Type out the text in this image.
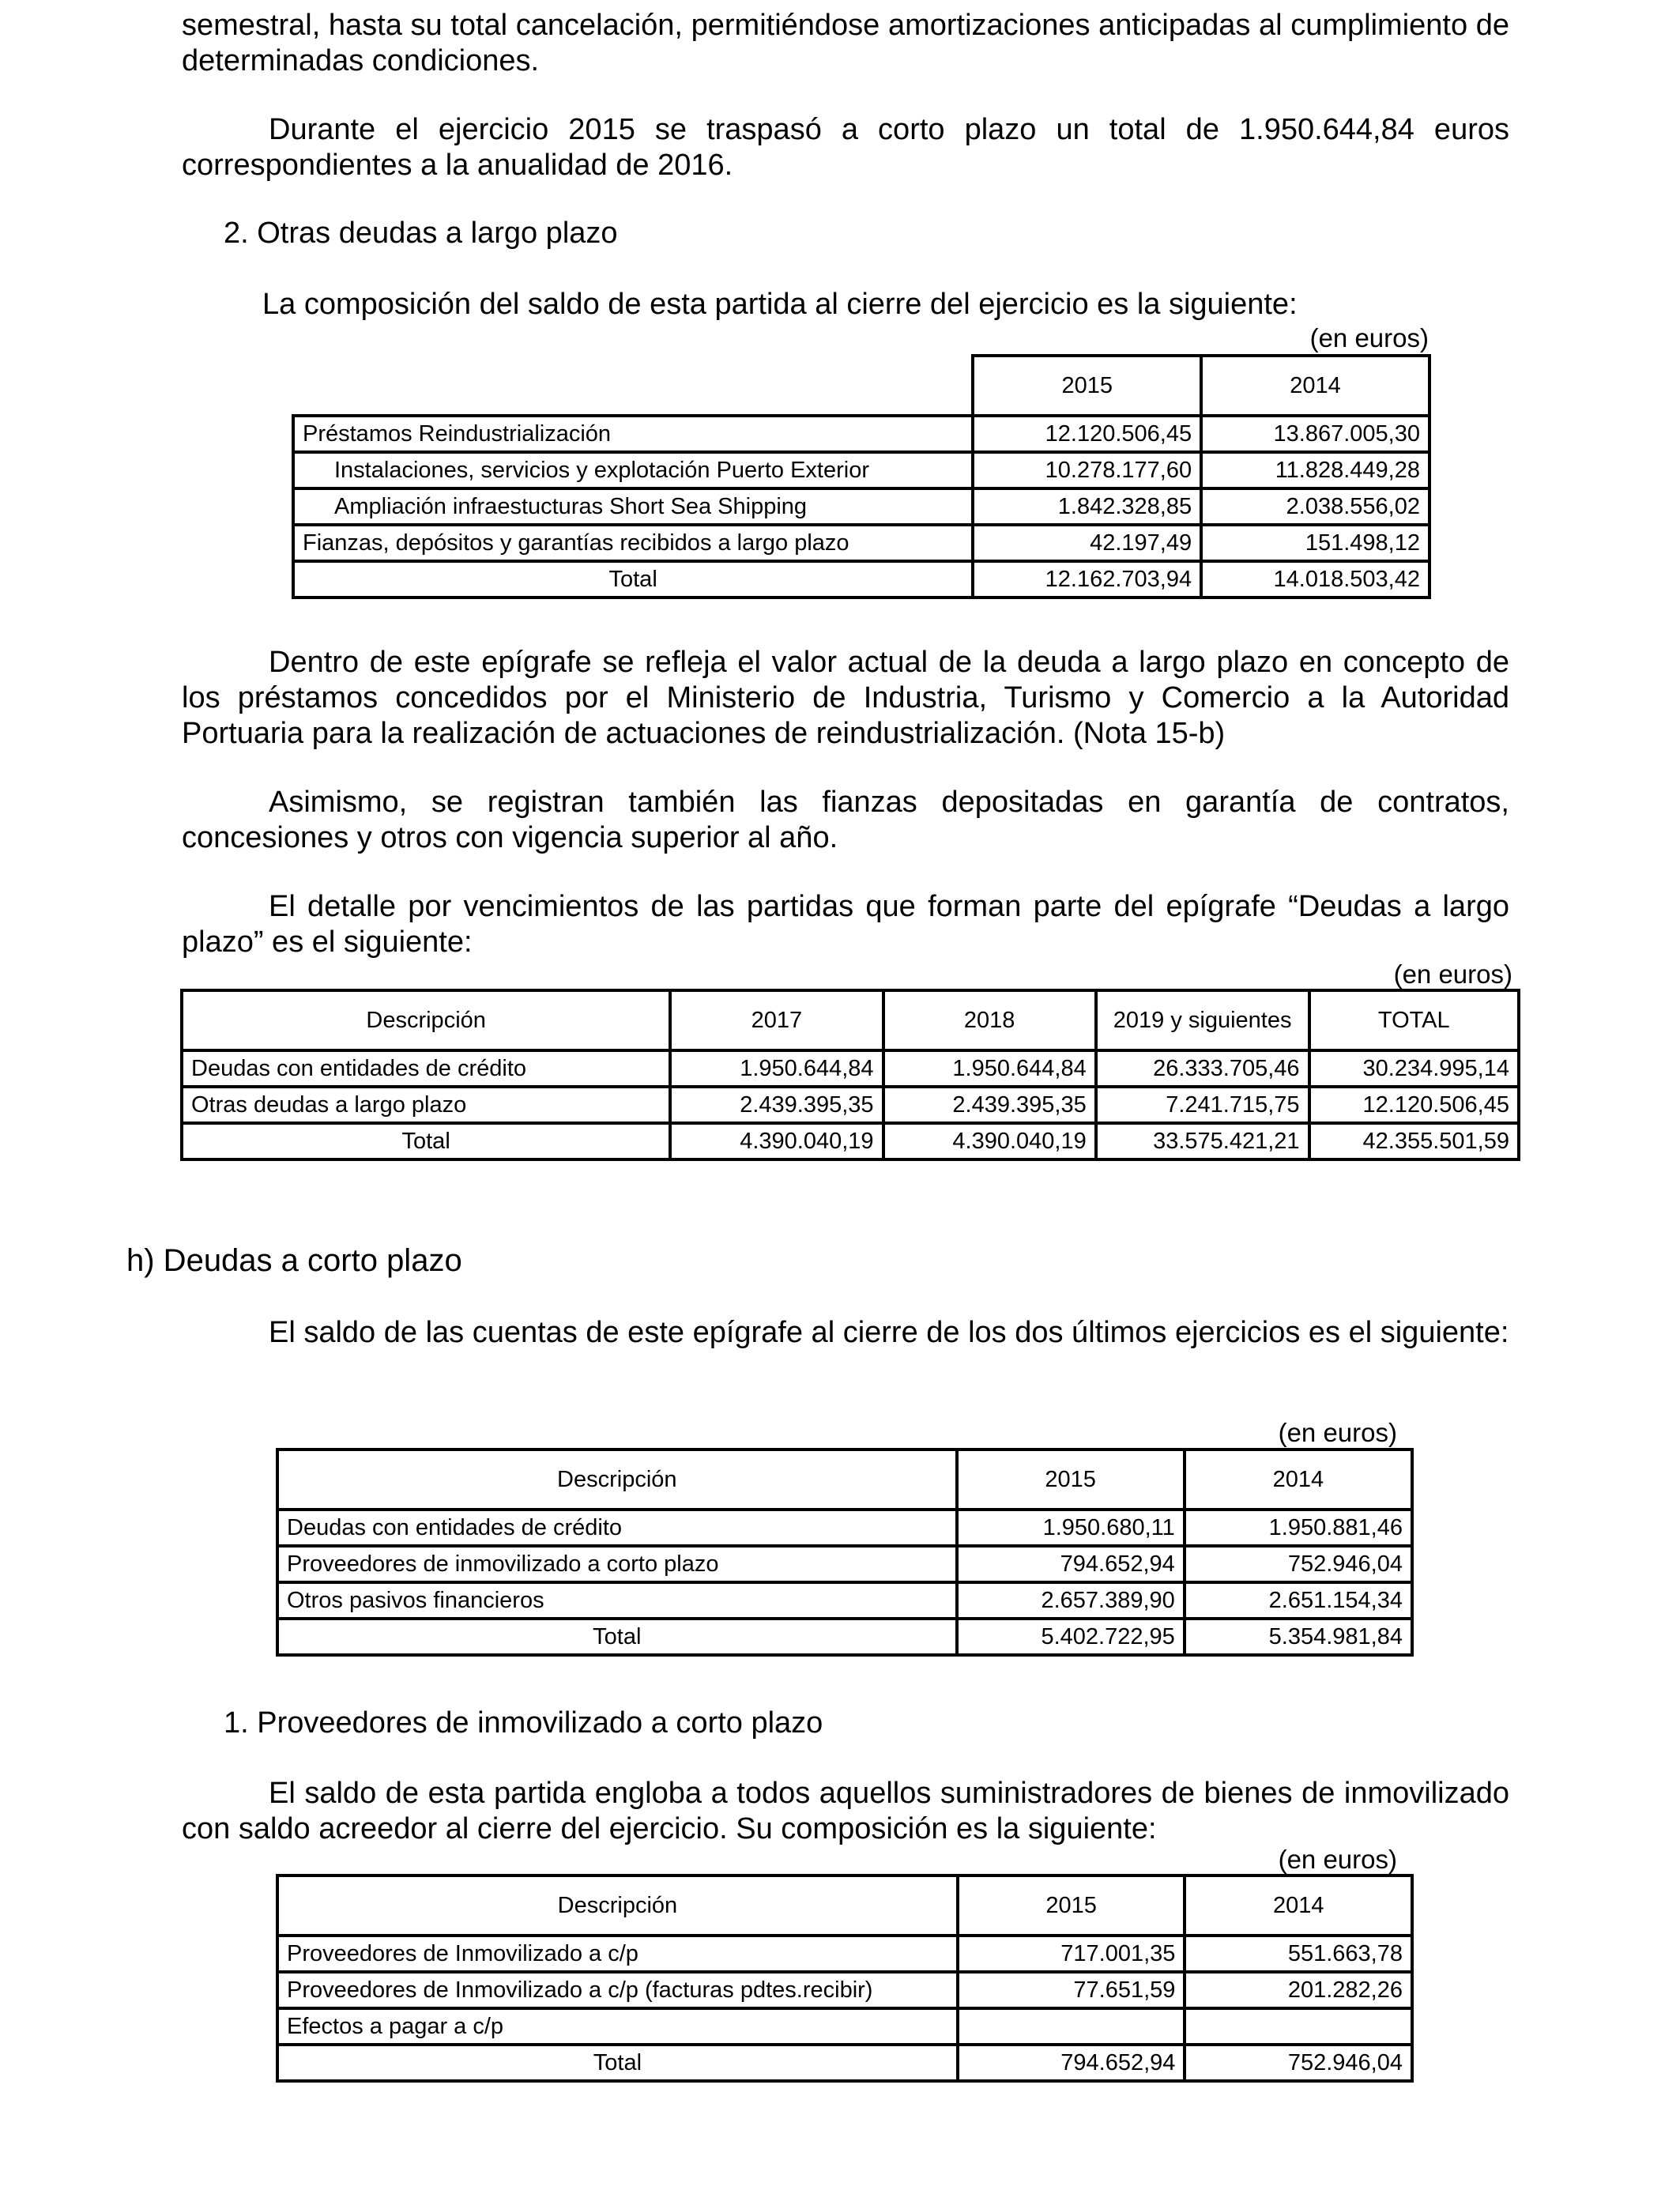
semestral, hasta su total cancelación, permitiéndose amortizaciones anticipadas al cumplimiento de determinadas condiciones.

Durante el ejercicio 2015 se traspasó a corto plazo un total de 1.950.644,84 euros correspondientes a la anualidad de 2016.

2. Otras deudas a largo plazo

La composición del saldo de esta partida al cierre del ejercicio es la siguiente:

(en euros)

	2015	2014
Préstamos Reindustrialización	12.120.506,45	13.867.005,30
Instalaciones, servicios y explotación Puerto Exterior	10.278.177,60	11.828.449,28
Ampliación infraestucturas Short Sea Shipping	1.842.328,85	2.038.556,02
Fianzas, depósitos y garantías recibidos a largo plazo	42.197,49	151.498,12
Total	12.162.703,94	14.018.503,42

Dentro de este epígrafe se refleja el valor actual de la deuda a largo plazo en concepto de los préstamos concedidos por el Ministerio de Industria, Turismo y Comercio a la Autoridad Portuaria para la realización de actuaciones de reindustrialización. (Nota 15-b)

Asimismo, se registran también las fianzas depositadas en garantía de contratos, concesiones y otros con vigencia superior al año.

El detalle por vencimientos de las partidas que forman parte del epígrafe “Deudas a largo plazo” es el siguiente:

(en euros)

Descripción	2017	2018	2019 y siguientes	TOTAL
Deudas con entidades de crédito	1.950.644,84	1.950.644,84	26.333.705,46	30.234.995,14
Otras deudas a largo plazo	2.439.395,35	2.439.395,35	7.241.715,75	12.120.506,45
Total	4.390.040,19	4.390.040,19	33.575.421,21	42.355.501,59

h) Deudas a corto plazo

El saldo de las cuentas de este epígrafe al cierre de los dos últimos ejercicios es el siguiente:

(en euros)

Descripción	2015	2014
Deudas con entidades de crédito	1.950.680,11	1.950.881,46
Proveedores de inmovilizado a corto plazo	794.652,94	752.946,04
Otros pasivos financieros	2.657.389,90	2.651.154,34
Total	5.402.722,95	5.354.981,84

1. Proveedores de inmovilizado a corto plazo

El saldo de esta partida engloba a todos aquellos suministradores de bienes de inmovilizado con saldo acreedor al cierre del ejercicio. Su composición es la siguiente:

(en euros)

Descripción	2015	2014
Proveedores de Inmovilizado a c/p	717.001,35	551.663,78
Proveedores de Inmovilizado a c/p (facturas pdtes.recibir)	77.651,59	201.282,26
Efectos a pagar a c/p		
Total	794.652,94	752.946,04
